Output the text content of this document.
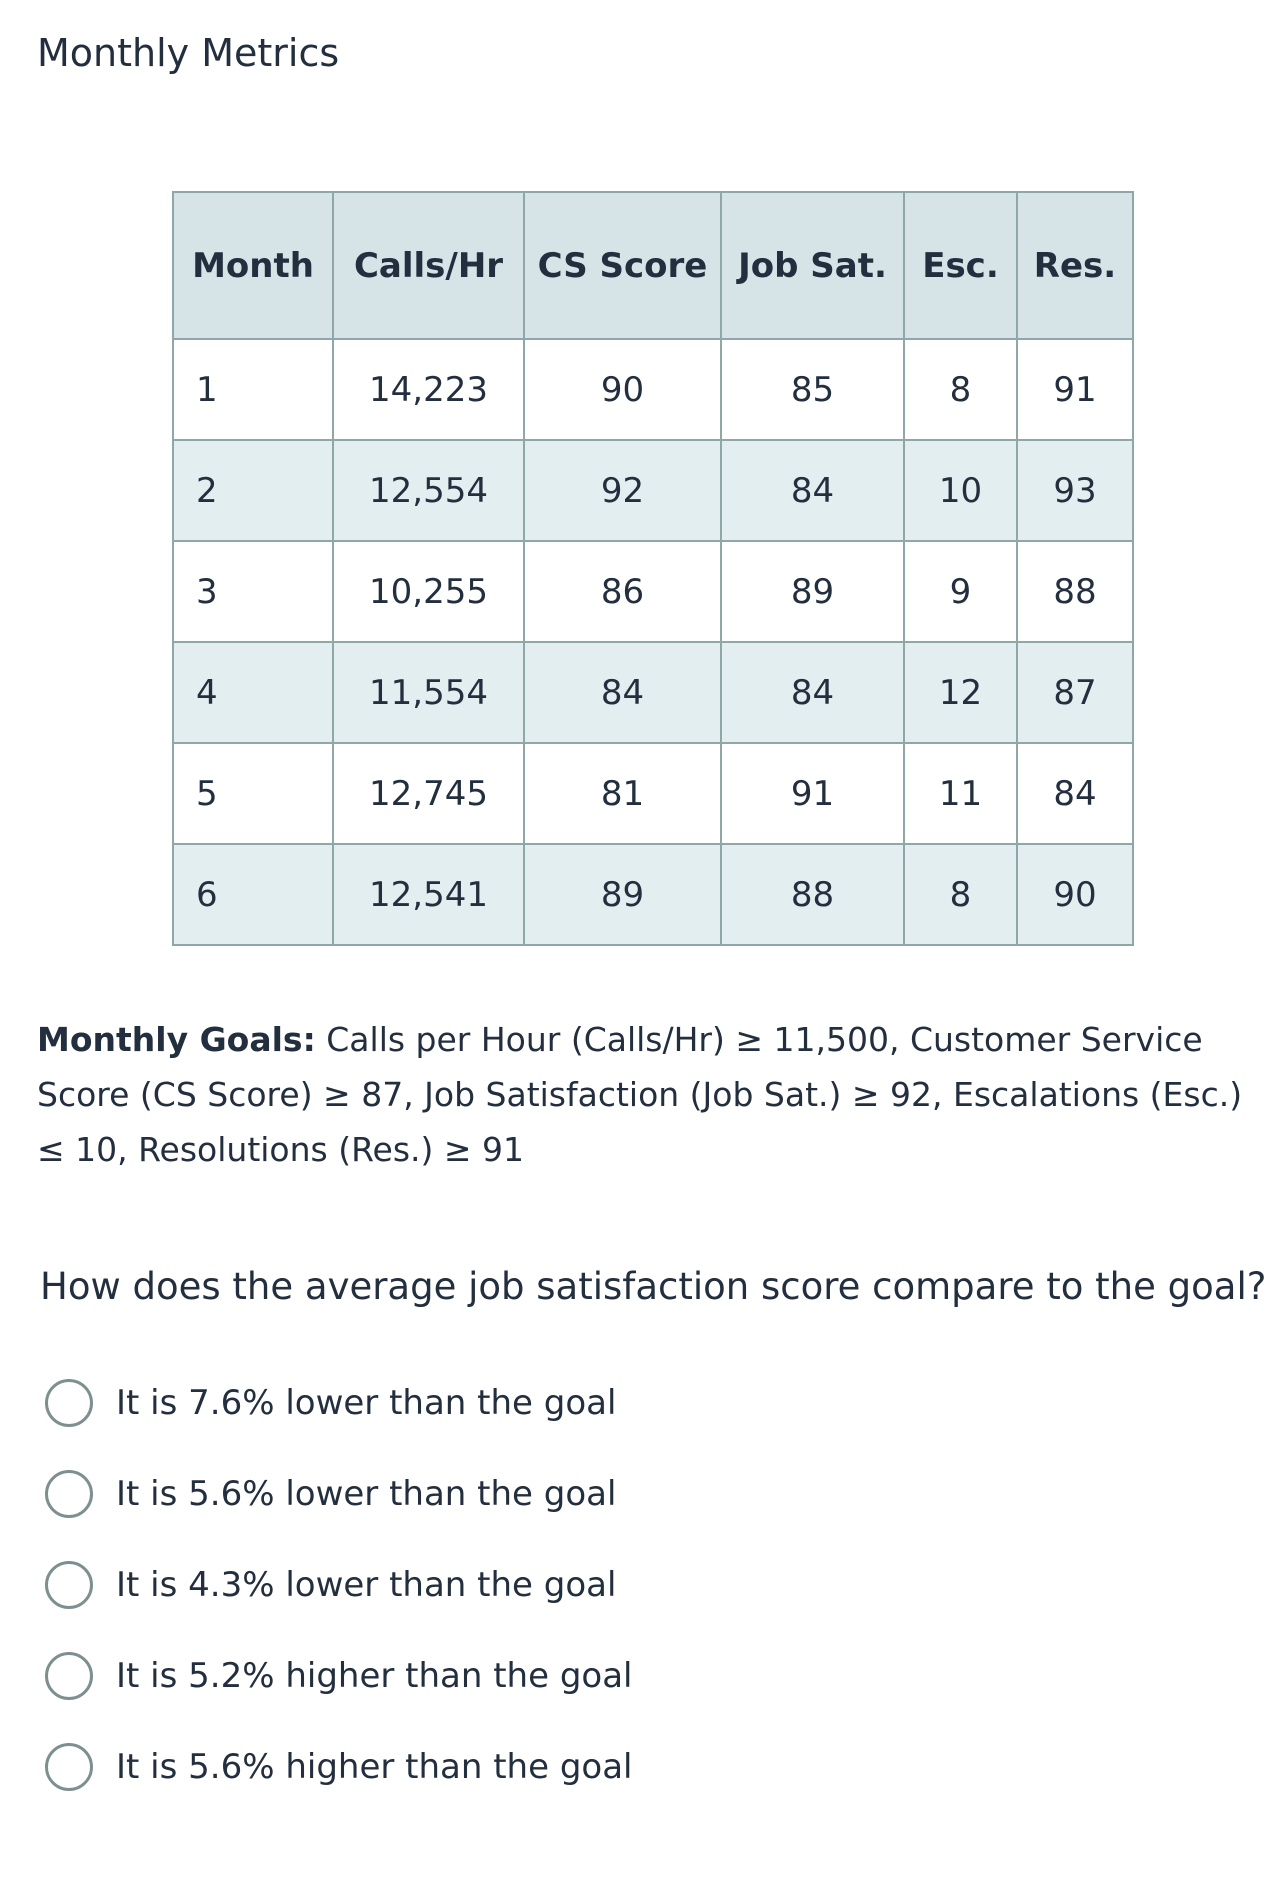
Monthly Metrics
Month	Calls/Hr	CS Score	Job Sat.	Esc.	Res.
1	14,223	90	85	8	91
2	12,554	92	84	10	93
3	10,255	86	89	9	88
4	11,554	84	84	12	87
5	12,745	81	91	11	84
6	12,541	89	88	8	90

Monthly Goals: Calls per Hour (Calls/Hr) ≥ 11,500, Customer Service Score (CS Score) ≥ 87, Job Satisfaction (Job Sat.) ≥ 92, Escalations (Esc.) ≤ 10, Resolutions (Res.) ≥ 91

How does the average job satisfaction score compare to the goal?

It is 7.6% lower than the goal
It is 5.6% lower than the goal
It is 4.3% lower than the goal
It is 5.2% higher than the goal
It is 5.6% higher than the goal
